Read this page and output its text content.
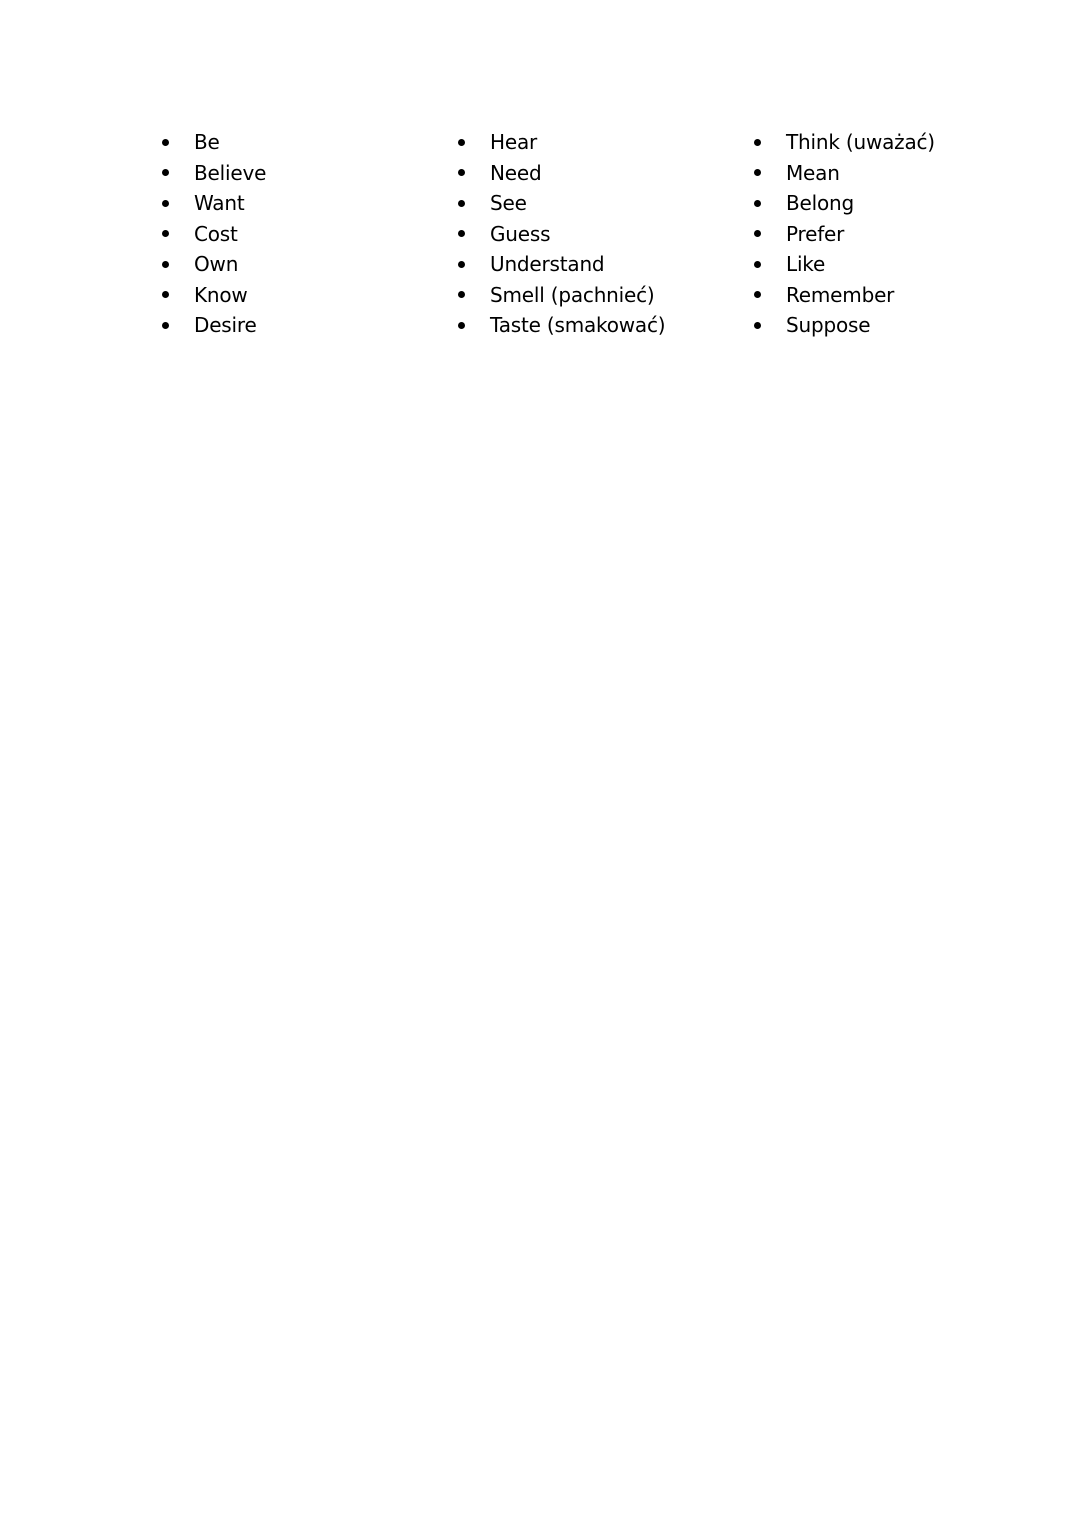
Be
Believe
Want
Cost
Own
Know
Desire
Hear
Need
See
Guess
Understand
Smell (pachnieć)
Taste (smakować)
Think (uważać)
Mean
Belong
Prefer
Like
Remember
Suppose
